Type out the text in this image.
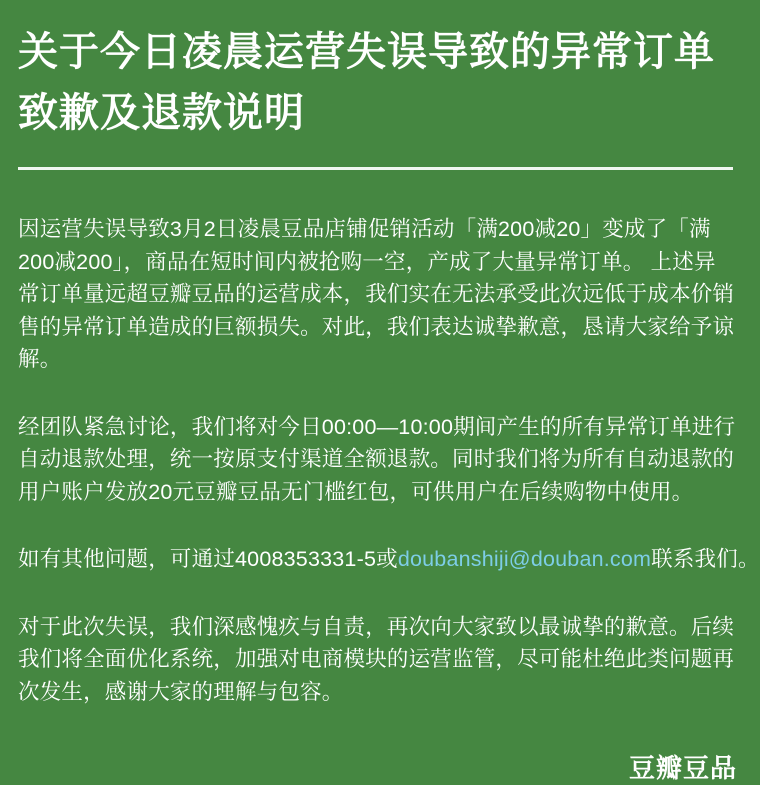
关于今日凌晨运营失误导致的异常订单致歉及退款说明

因运营失误导致3月2日凌晨豆品店铺促销活动「满200减20」变成了「满200减200」，商品在短时间内被抢购一空，产成了大量异常订单。 上述异常订单量远超豆瓣豆品的运营成本，我们实在无法承受此次远低于成本价销售的异常订单造成的巨额损失。对此，我们表达诚挚歉意，恳请大家给予谅解。

经团队紧急讨论，我们将对今日00:00—10:00期间产生的所有异常订单进行自动退款处理，统一按原支付渠道全额退款。同时我们将为所有自动退款的用户账户发放20元豆瓣豆品无门槛红包，可供用户在后续购物中使用。

如有其他问题，可通过4008353331-5或doubanshiji@douban.com联系我们。

对于此次失误，我们深感愧疚与自责，再次向大家致以最诚挚的歉意。后续我们将全面优化系统，加强对电商模块的运营监管，尽可能杜绝此类问题再次发生，感谢大家的理解与包容。

豆瓣豆品
